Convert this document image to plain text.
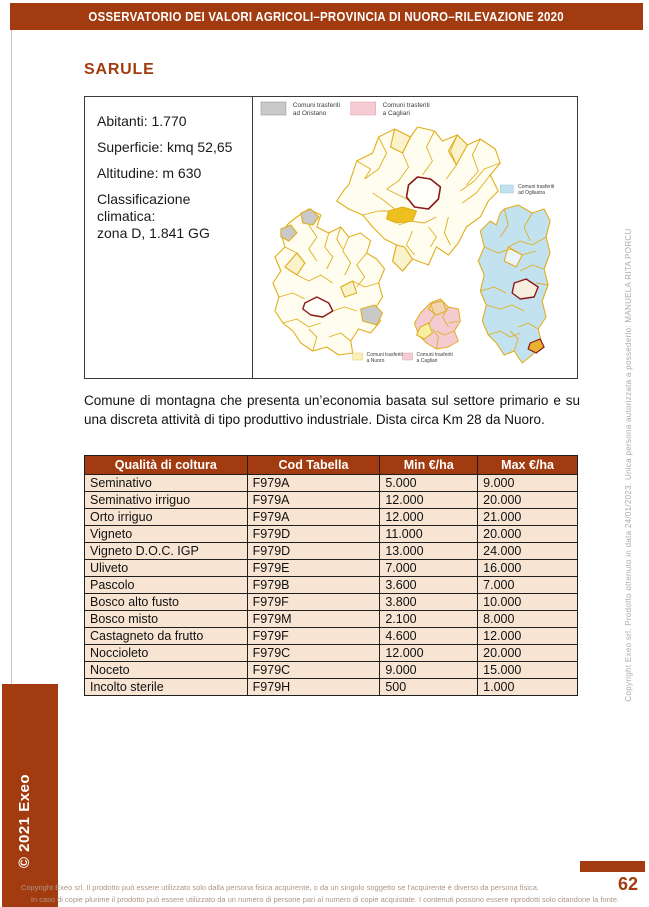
OSSERVATORIO DEI VALORI AGRICOLI–PROVINCIA DI NUORO–RILEVAZIONE 2020
SARULE

Abitanti: 1.770

Superficie: kmq 52,65

Altitudine: m 630

Classificazione climatica:

zona D, 1.841 GG

Comuni trasferiti
ad Oristano
Comuni trasferiti
a Cagliari
Comuni trasferiti
ad Ogliastra
Comuni trasferiti
a Nuoro
Comuni trasferiti
a Cagliari

Comune di montagna che presenta un’economia basata sul settore primario e su una discreta attività di tipo produttivo industriale. Dista circa Km 28 da Nuoro.

Qualità di coltura	Cod Tabella	Min €/ha	Max €/ha
Seminativo	F979A	5.000	9.000
Seminativo irriguo	F979A	12.000	20.000
Orto irriguo	F979A	12.000	21.000
Vigneto	F979D	11.000	20.000
Vigneto D.O.C. IGP	F979D	13.000	24.000
Uliveto	F979E	7.000	16.000
Pascolo	F979B	3.600	7.000
Bosco alto fusto	F979F	3.800	10.000
Bosco misto	F979M	2.100	8.000
Castagneto da frutto	F979F	4.600	12.000
Noccioleto	F979C	12.000	20.000
Noceto	F979C	9.000	15.000
Incolto sterile	F979H	500	1.000
© 2021 Exeo
Copyright Exeo srl. Il prodotto può essere utilizzato solo dalla persona fisica acquirente, o da un singolo soggetto se l'acquirente è diverso da persona fisica.
In caso di copie plurime il prodotto può essere utilizzato da un numero di persone pari al numero di copie acquistate. I contenuti possono essere riprodotti solo citandone la fonte.
62
Copyright Exeo srl. Prodotto ottenuto in data 24/01/2023. Unica persona autorizzata a possederlo: MANUELA RITA PORCU
